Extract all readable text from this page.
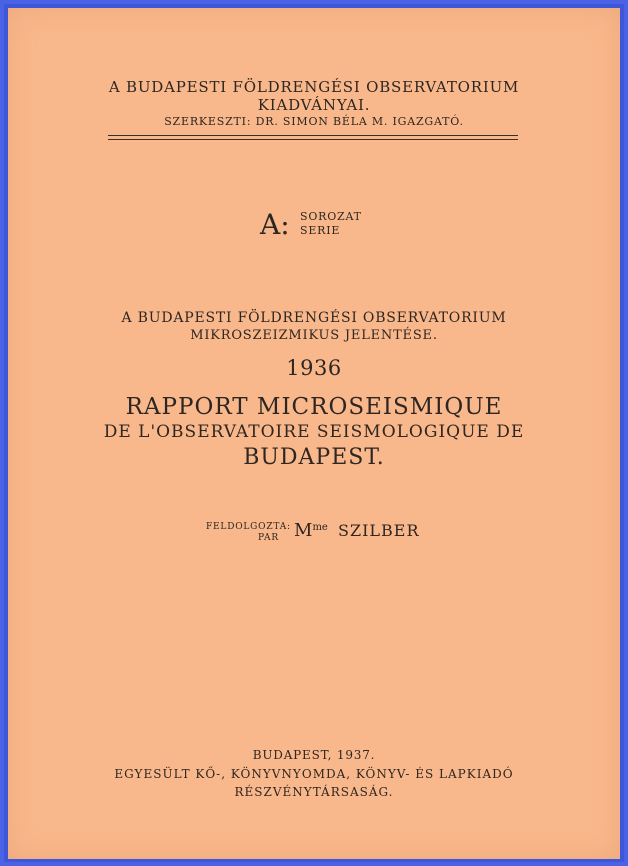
A BUDAPESTI FÖLDRENGÉSI OBSERVATORIUM
KIADVÁNYAI.
SZERKESZTI: DR. SIMON BÉLA M. IGAZGATÓ.
A: SOROZAT
SERIE
A BUDAPESTI FÖLDRENGÉSI OBSERVATORIUM
MIKROSZEIZMIKUS JELENTÉSE.
1936
RAPPORT MICROSEISMIQUE
DE L'OBSERVATOIRE SEISMOLOGIQUE DE
BUDAPEST.
FELDOLGOZTA:
PAR $M^{me}$ SZILBER
BUDAPEST, 1937.
EGYESÜLT KŐ-, KÖNYVNYOMDA, KÖNYV- ÉS LAPKIADÓ
RÉSZVÉNYTÁRSASÁG.
